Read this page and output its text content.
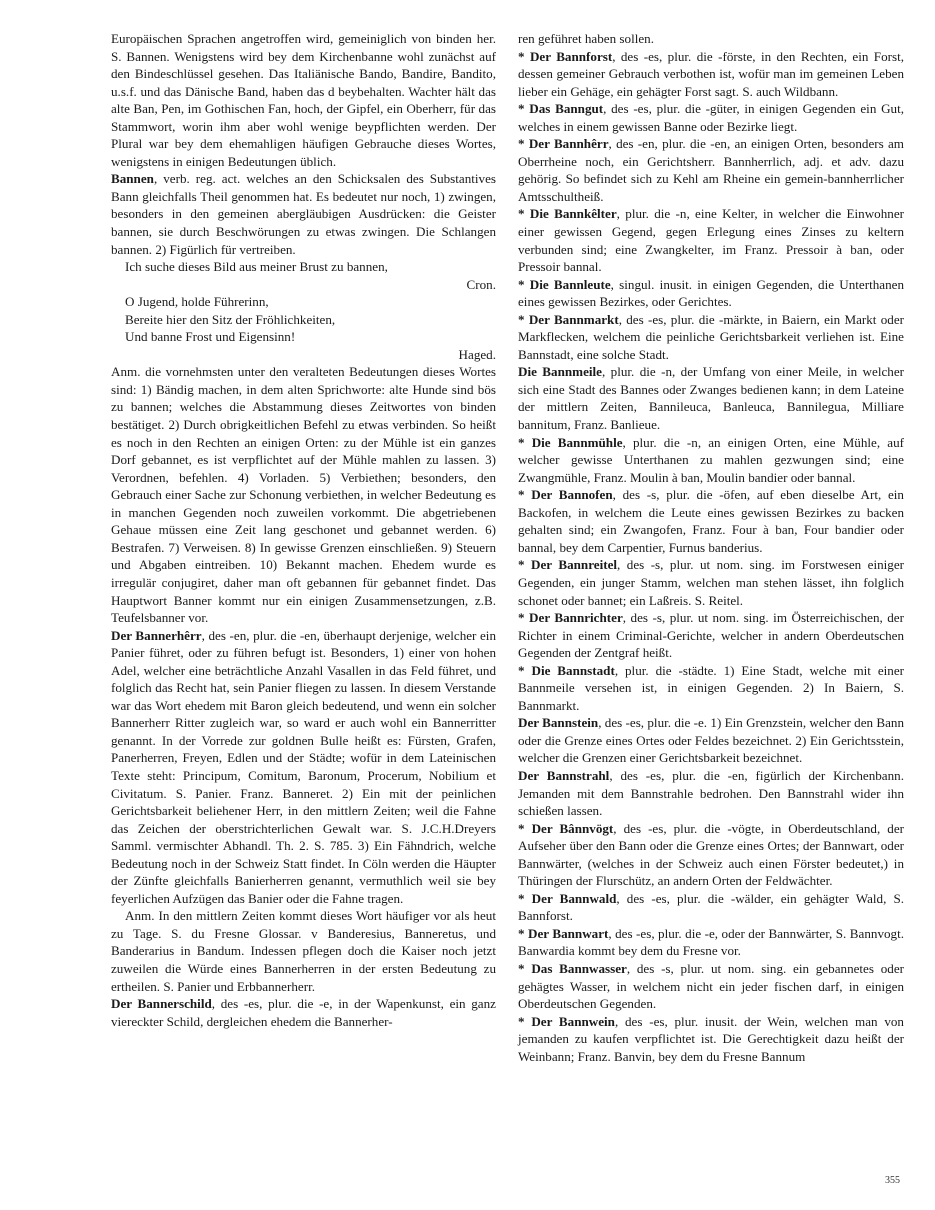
Europäischen Sprachen angetroffen wird, gemeiniglich von binden her. S. Bannen. Wenigstens wird bey dem Kirchenbanne wohl zunächst auf den Bindeschlüssel gesehen. Das Italiänische Bando, Bandire, Bandito, u.s.f. und das Dänische Band, haben das d beybehalten. Wachter hält das alte Ban, Pen, im Gothischen Fan, hoch, der Gipfel, ein Oberherr, für das Stammwort, worin ihm aber wohl wenige beypflichten werden. Der Plural war bey dem ehemahligen häufigen Gebrauche dieses Wortes, wenigstens in einigen Bedeutungen üblich.

Bannen, verb. reg. act. welches an den Schicksalen des Substantives Bann gleichfalls Theil genommen hat. Es bedeutet nur noch, 1) zwingen, besonders in den gemeinen abergläubigen Ausdrücken: die Geister bannen, sie durch Beschwörungen zu etwas zwingen. Die Schlangen bannen. 2) Figürlich für vertreiben.

Ich suche dieses Bild aus meiner Brust zu bannen,

Cron.

O Jugend, holde Führerinn,

Bereite hier den Sitz der Fröhlichkeiten,

Und banne Frost und Eigensinn!

Haged.

Anm. die vornehmsten unter den veralteten Bedeutungen dieses Wortes sind: 1) Bändig machen, in dem alten Sprichworte: alte Hunde sind bös zu bannen; welches die Abstammung dieses Zeitwortes von binden bestätiget. 2) Durch obrigkeitlichen Befehl zu etwas verbinden. So heißt es noch in den Rechten an einigen Orten: zu der Mühle ist ein ganzes Dorf gebannet, es ist verpflichtet auf der Mühle mahlen zu lassen. 3) Verordnen, befehlen. 4) Vorladen. 5) Verbiethen; besonders, den Gebrauch einer Sache zur Schonung verbiethen, in welcher Bedeutung es in manchen Gegenden noch zuweilen vorkommt. Die abgetriebenen Gehaue müssen eine Zeit lang geschonet und gebannet werden. 6) Bestrafen. 7) Verweisen. 8) In gewisse Grenzen einschließen. 9) Steuern und Abgaben eintreiben. 10) Bekannt machen. Ehedem wurde es irregulär conjugiret, daher man oft gebannen für gebannet findet. Das Hauptwort Banner kommt nur ein einigen Zusammensetzungen, z.B. Teufelsbanner vor.

Der Bannerhêrr, des -en, plur. die -en, überhaupt derjenige, welcher ein Panier führet, oder zu führen befugt ist. Besonders, 1) einer von hohen Adel, welcher eine beträchtliche Anzahl Vasallen in das Feld führet, und folglich das Recht hat, sein Panier fliegen zu lassen. In diesem Verstande war das Wort ehedem mit Baron gleich bedeutend, und wenn ein solcher Bannerherr Ritter zugleich war, so ward er auch wohl ein Bannerritter genannt. In der Vorrede zur goldnen Bulle heißt es: Fürsten, Grafen, Panerherren, Freyen, Edlen und der Städte; wofür in dem Lateinischen Texte steht: Principum, Comitum, Baronum, Procerum, Nobilium et Civitatum. S. Panier. Franz. Banneret. 2) Ein mit der peinlichen Gerichtsbarkeit beliehener Herr, in den mittlern Zeiten; weil die Fahne das Zeichen der oberstrichterlichen Gewalt war. S. J.C.H.Dreyers Samml. vermischter Abhandl. Th. 2. S. 785. 3) Ein Fähndrich, welche Bedeutung noch in der Schweiz Statt findet. In Cöln werden die Häupter der Zünfte gleichfalls Banierherren genannt, vermuthlich weil sie bey feyerlichen Aufzügen das Banier oder die Fahne tragen.

Anm. In den mittlern Zeiten kommt dieses Wort häufiger vor als heut zu Tage. S. du Fresne Glossar. v Banderesius, Banneretus, und Banderarius in Bandum. Indessen pflegen doch die Kaiser noch jetzt zuweilen die Würde eines Bannerherren in der ersten Bedeutung zu ertheilen. S. Panier und Erbbannerherr.

Der Bannerschild, des -es, plur. die -e, in der Wapenkunst, ein ganz viereckter Schild, dergleichen ehedem die Bannerher-

ren geführet haben sollen.

* Der Bannforst, des -es, plur. die -förste, in den Rechten, ein Forst, dessen gemeiner Gebrauch verbothen ist, wofür man im gemeinen Leben lieber ein Gehäge, ein gehägter Forst sagt. S. auch Wildbann.

* Das Banngut, des -es, plur. die -güter, in einigen Gegenden ein Gut, welches in einem gewissen Banne oder Bezirke liegt.

* Der Bannhêrr, des -en, plur. die -en, an einigen Orten, besonders am Oberrheine noch, ein Gerichtsherr. Bannherrlich, adj. et adv. dazu gehörig. So befindet sich zu Kehl am Rheine ein gemein-bannherrlicher Amtsschultheiß.

* Die Bannkêlter, plur. die -n, eine Kelter, in welcher die Einwohner einer gewissen Gegend, gegen Erlegung eines Zinses zu keltern verbunden sind; eine Zwangkelter, im Franz. Pressoir à ban, oder Pressoir bannal.

* Die Bannleute, singul. inusit. in einigen Gegenden, die Unterthanen eines gewissen Bezirkes, oder Gerichtes.

* Der Bannmarkt, des -es, plur. die -märkte, in Baiern, ein Markt oder Markflecken, welchem die peinliche Gerichtsbarkeit verliehen ist. Eine Bannstadt, eine solche Stadt.

Die Bannmeile, plur. die -n, der Umfang von einer Meile, in welcher sich eine Stadt des Bannes oder Zwanges bedienen kann; in dem Lateine der mittlern Zeiten, Bannileuca, Banleuca, Bannilegua, Milliare bannitum, Franz. Banlieue.

* Die Bannmühle, plur. die -n, an einigen Orten, eine Mühle, auf welcher gewisse Unterthanen zu mahlen gezwungen sind; eine Zwangmühle, Franz. Moulin à ban, Moulin bandier oder bannal.

* Der Bannofen, des -s, plur. die -öfen, auf eben dieselbe Art, ein Backofen, in welchem die Leute eines gewissen Bezirkes zu backen gehalten sind; ein Zwangofen, Franz. Four à ban, Four bandier oder bannal, bey dem Carpentier, Furnus banderius.

* Der Bannreitel, des -s, plur. ut nom. sing. im Forstwesen einiger Gegenden, ein junger Stamm, welchen man stehen lässet, ihn folglich schonet oder bannet; ein Laßreis. S. Reitel.

* Der Bannrichter, des -s, plur. ut nom. sing. im Österreichischen, der Richter in einem Criminal-Gerichte, welcher in andern Oberdeutschen Gegenden der Zentgraf heißt.

* Die Bannstadt, plur. die -städte. 1) Eine Stadt, welche mit einer Bannmeile versehen ist, in einigen Gegenden. 2) In Baiern, S. Bannmarkt.

Der Bannstein, des -es, plur. die -e. 1) Ein Grenzstein, welcher den Bann oder die Grenze eines Ortes oder Feldes bezeichnet. 2) Ein Gerichtsstein, welcher die Grenzen einer Gerichtsbarkeit bezeichnet.

Der Bannstrahl, des -es, plur. die -en, figürlich der Kirchenbann. Jemanden mit dem Bannstrahle bedrohen. Den Bannstrahl wider ihn schießen lassen.

* Der Bânnvögt, des -es, plur. die -vögte, in Oberdeutschland, der Aufseher über den Bann oder die Grenze eines Ortes; der Bannwart, oder Bannwärter, (welches in der Schweiz auch einen Förster bedeutet,) in Thüringen der Flurschütz, an andern Orten der Feldwächter.

* Der Bannwald, des -es, plur. die -wälder, ein gehägter Wald, S. Bannforst.

* Der Bannwart, des -es, plur. die -e, oder der Bannwärter, S. Bannvogt. Banwardia kommt bey dem du Fresne vor.

* Das Bannwasser, des -s, plur. ut nom. sing. ein gebannetes oder gehägtes Wasser, in welchem nicht ein jeder fischen darf, in einigen Oberdeutschen Gegenden.

* Der Bannwein, des -es, plur. inusit. der Wein, welchen man von jemanden zu kaufen verpflichtet ist. Die Gerechtigkeit dazu heißt der Weinbann; Franz. Banvin, bey dem du Fresne Bannum

355
